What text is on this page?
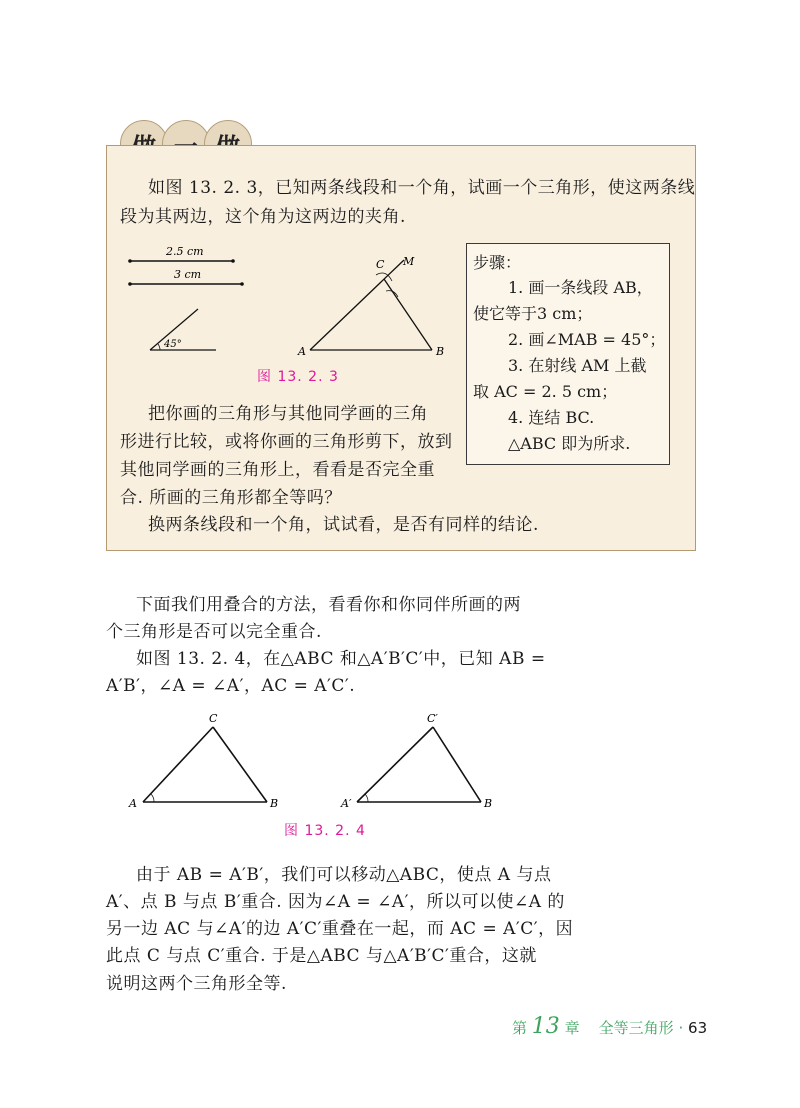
如图 13. 2. 3，已知两条线段和一个角，试画一个三角形，使这两条线
段为其两边，这个角为这两边的夹角.
2.5 cm
3 cm
45°
A	B
C M
图 13. 2. 3
步骤：
1. 画一条线段 AB，
使它等于3 cm；
2. 画∠MAB = 45°；
3. 在射线 AM 上截
取 AC = 2. 5 cm；
4. 连结 BC.
△ABC 即为所求.
把你画的三角形与其他同学画的三角
形进行比较，或将你画的三角形剪下，放到
其他同学画的三角形上，看看是否完全重
合. 所画的三角形都全等吗？
换两条线段和一个角，试试看，是否有同样的结论.
下面我们用叠合的方法，看看你和你同伴所画的两
个三角形是否可以完全重合.
如图 13. 2. 4，在△ABC 和△A′B′C′中，已知 AB =
A′B′，∠A = ∠A′，AC = A′C′.
A	B
C
A′	B
C′
图 13. 2. 4
由于 AB = A′B′，我们可以移动△ABC，使点 A 与点
A′、点 B 与点 B′重合. 因为∠A = ∠A′，所以可以使∠A 的
另一边 AC 与∠A′的边 A′C′重叠在一起，而 AC = A′C′，因
此点 C 与点 C′重合. 于是△ABC 与△A′B′C′重合，这就
说明这两个三角形全等.
第 13 章 全等三角形 · 63
